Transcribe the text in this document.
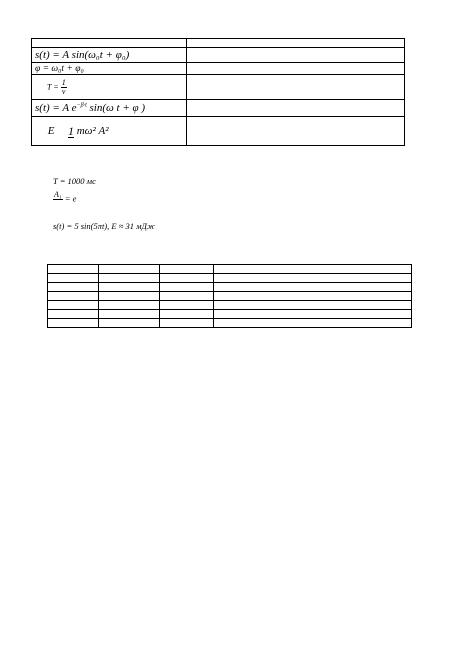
s(t) = A sin(ω₀t + φ₀)	
φ = ω₀t + φ₀	
$T = \frac{1}{\nu}$

s(t) = A $e^{-\beta\cdot t}$ sin(ω t + φ )	
E 1 mω² A²	
T = 1000 мс
A₁
= e
s(t) = 5 sin(5πt), E ≈ 31 мДж
